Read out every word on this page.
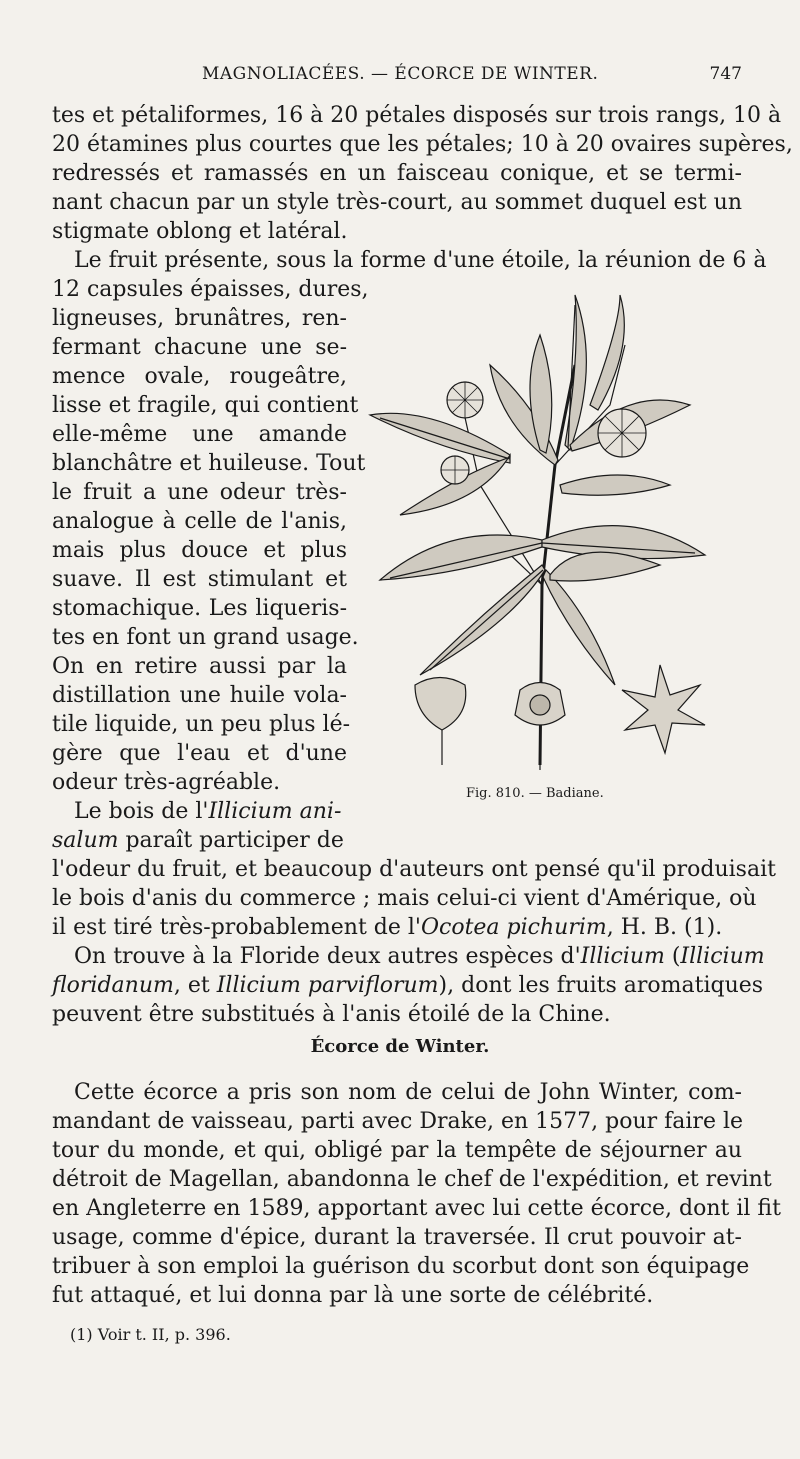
MAGNOLIACÉES. — ÉCORCE DE WINTER.	747
tes et pétaliformes, 16 à 20 pétales disposés sur trois rangs, 10 à
20 étamines plus courtes que les pétales; 10 à 20 ovaires supères,
redressés et ramassés en un faisceau conique, et se termi-
nant chacun par un style très-court, au sommet duquel est un
stigmate oblong et latéral.
Le fruit présente, sous la forme d'une étoile, la réunion de 6 à
12 capsules épaisses, dures,
ligneuses, brunâtres, ren-
fermant chacune une se-
mence ovale, rougeâtre,
lisse et fragile, qui contient
elle-même une amande
blanchâtre et huileuse. Tout
le fruit a une odeur très-
analogue à celle de l'anis,
mais plus douce et plus
suave. Il est stimulant et
stomachique. Les liqueris-
tes en font un grand usage.
On en retire aussi par la
distillation une huile vola-
tile liquide, un peu plus lé-
gère que l'eau et d'une
odeur très-agréable.
Le bois de l'Illicium ani-
salum paraît participer de
l'odeur du fruit, et beaucoup d'auteurs ont pensé qu'il produisait
le bois d'anis du commerce ; mais celui-ci vient d'Amérique, où
il est tiré très-probablement de l'Ocotea pichurim, H. B. (1).
On trouve à la Floride deux autres espèces d'Illicium (Illicium
floridanum, et Illicium parviflorum), dont les fruits aromatiques
peuvent être substitués à l'anis étoilé de la Chine.
Écorce de Winter.
Cette écorce a pris son nom de celui de John Winter, com-
mandant de vaisseau, parti avec Drake, en 1577, pour faire le
tour du monde, et qui, obligé par la tempête de séjourner au
détroit de Magellan, abandonna le chef de l'expédition, et revint
en Angleterre en 1589, apportant avec lui cette écorce, dont il fit
usage, comme d'épice, durant la traversée. Il crut pouvoir at-
tribuer à son emploi la guérison du scorbut dont son équipage
fut attaqué, et lui donna par là une sorte de célébrité.
(1) Voir t. II, p. 396.
Fig. 810. — Badiane.
